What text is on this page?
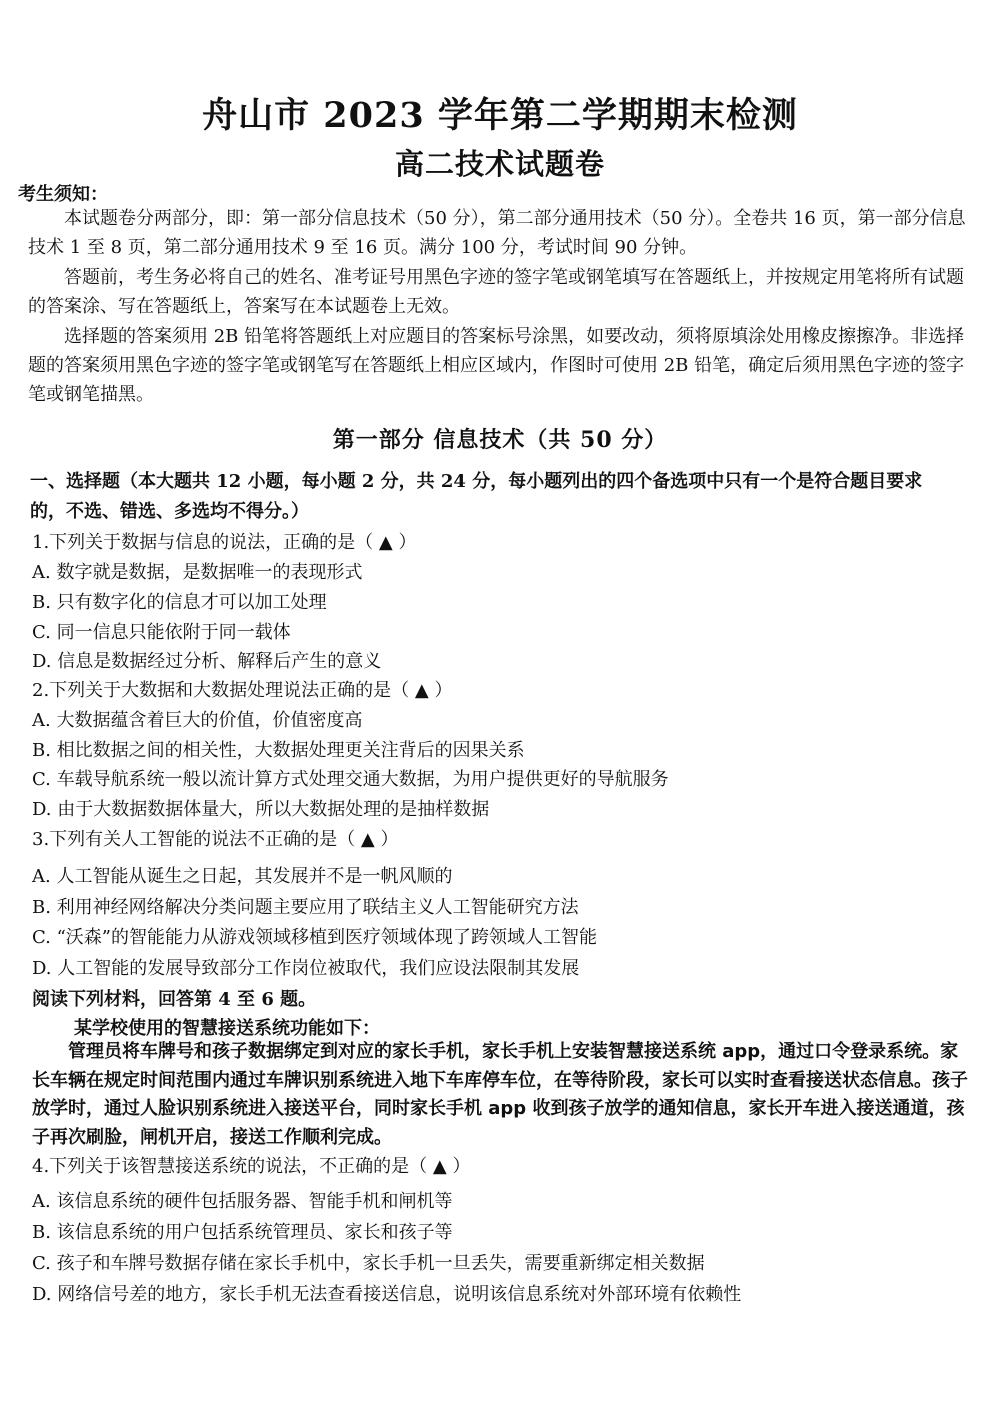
舟山市 2023 学年第二学期期末检测
高二技术试题卷
考生须知：
本试题卷分两部分，即：第一部分信息技术（50 分），第二部分通用技术（50 分）。全卷共 16 页，第一部分信息技术 1 至 8 页，第二部分通用技术 9 至 16 页。满分 100 分，考试时间 90 分钟。
答题前，考生务必将自己的姓名、准考证号用黑色字迹的签字笔或钢笔填写在答题纸上，并按规定用笔将所有试题的答案涂、写在答题纸上，答案写在本试题卷上无效。
选择题的答案须用 2B 铅笔将答题纸上对应题目的答案标号涂黑，如要改动，须将原填涂处用橡皮擦擦净。非选择题的答案须用黑色字迹的签字笔或钢笔写在答题纸上相应区域内，作图时可使用 2B 铅笔，确定后须用黑色字迹的签字笔或钢笔描黑。
第一部分 信息技术（共 50 分）
一、选择题（本大题共 12 小题，每小题 2 分，共 24 分，每小题列出的四个备选项中只有一个是符合题目要求的，不选、错选、多选均不得分。）
1.下列关于数据与信息的说法，正确的是（ ▲ ）
A. 数字就是数据，是数据唯一的表现形式
B. 只有数字化的信息才可以加工处理
C. 同一信息只能依附于同一载体
D. 信息是数据经过分析、解释后产生的意义
2.下列关于大数据和大数据处理说法正确的是（ ▲ ）
A. 大数据蕴含着巨大的价值，价值密度高
B. 相比数据之间的相关性，大数据处理更关注背后的因果关系
C. 车载导航系统一般以流计算方式处理交通大数据，为用户提供更好的导航服务
D. 由于大数据数据体量大，所以大数据处理的是抽样数据
3.下列有关人工智能的说法不正确的是（ ▲ ）
A. 人工智能从诞生之日起，其发展并不是一帆风顺的
B. 利用神经网络解决分类问题主要应用了联结主义人工智能研究方法
C. “沃森”的智能能力从游戏领域移植到医疗领域体现了跨领域人工智能
D. 人工智能的发展导致部分工作岗位被取代，我们应设法限制其发展
阅读下列材料，回答第 4 至 6 题。
某学校使用的智慧接送系统功能如下：
管理员将车牌号和孩子数据绑定到对应的家长手机，家长手机上安装智慧接送系统 app，通过口令登录系统。家长车辆在规定时间范围内通过车牌识别系统进入地下车库停车位，在等待阶段，家长可以实时查看接送状态信息。孩子放学时，通过人脸识别系统进入接送平台，同时家长手机 app 收到孩子放学的通知信息，家长开车进入接送通道，孩子再次刷脸，闸机开启，接送工作顺利完成。
4.下列关于该智慧接送系统的说法，不正确的是（ ▲ ）
A. 该信息系统的硬件包括服务器、智能手机和闸机等
B. 该信息系统的用户包括系统管理员、家长和孩子等
C. 孩子和车牌号数据存储在家长手机中，家长手机一旦丢失，需要重新绑定相关数据
D. 网络信号差的地方，家长手机无法查看接送信息，说明该信息系统对外部环境有依赖性
